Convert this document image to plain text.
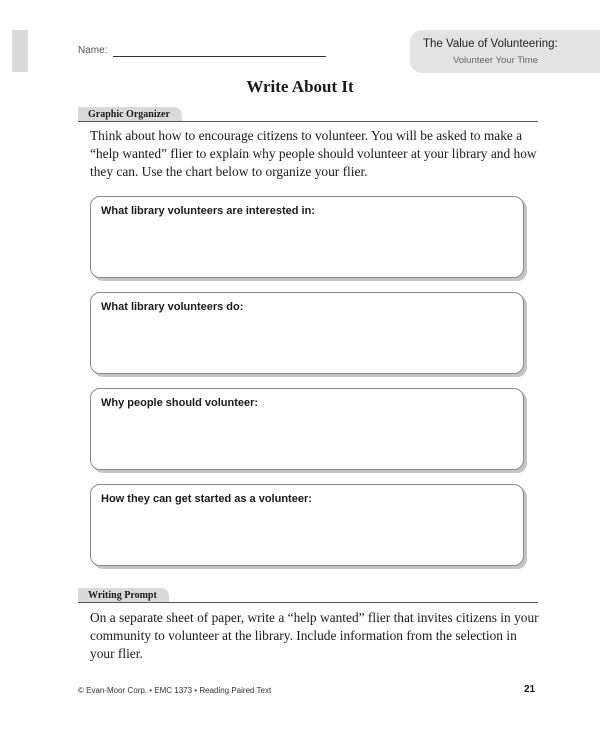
Name:
The Value of Volunteering:
Volunteer Your Time
Write About It
Graphic Organizer
Think about how to encourage citizens to volunteer. You will be asked to make a “help wanted” flier to explain why people should volunteer at your library and how they can. Use the chart below to organize your flier.
What library volunteers are interested in:
What library volunteers do:
Why people should volunteer:
How they can get started as a volunteer:
Writing Prompt
On a separate sheet of paper, write a “help wanted” flier that invites citizens in your community to volunteer at the library. Include information from the selection in your flier.
© Evan-Moor Corp. • EMC 1373 • Reading Paired Text	21
